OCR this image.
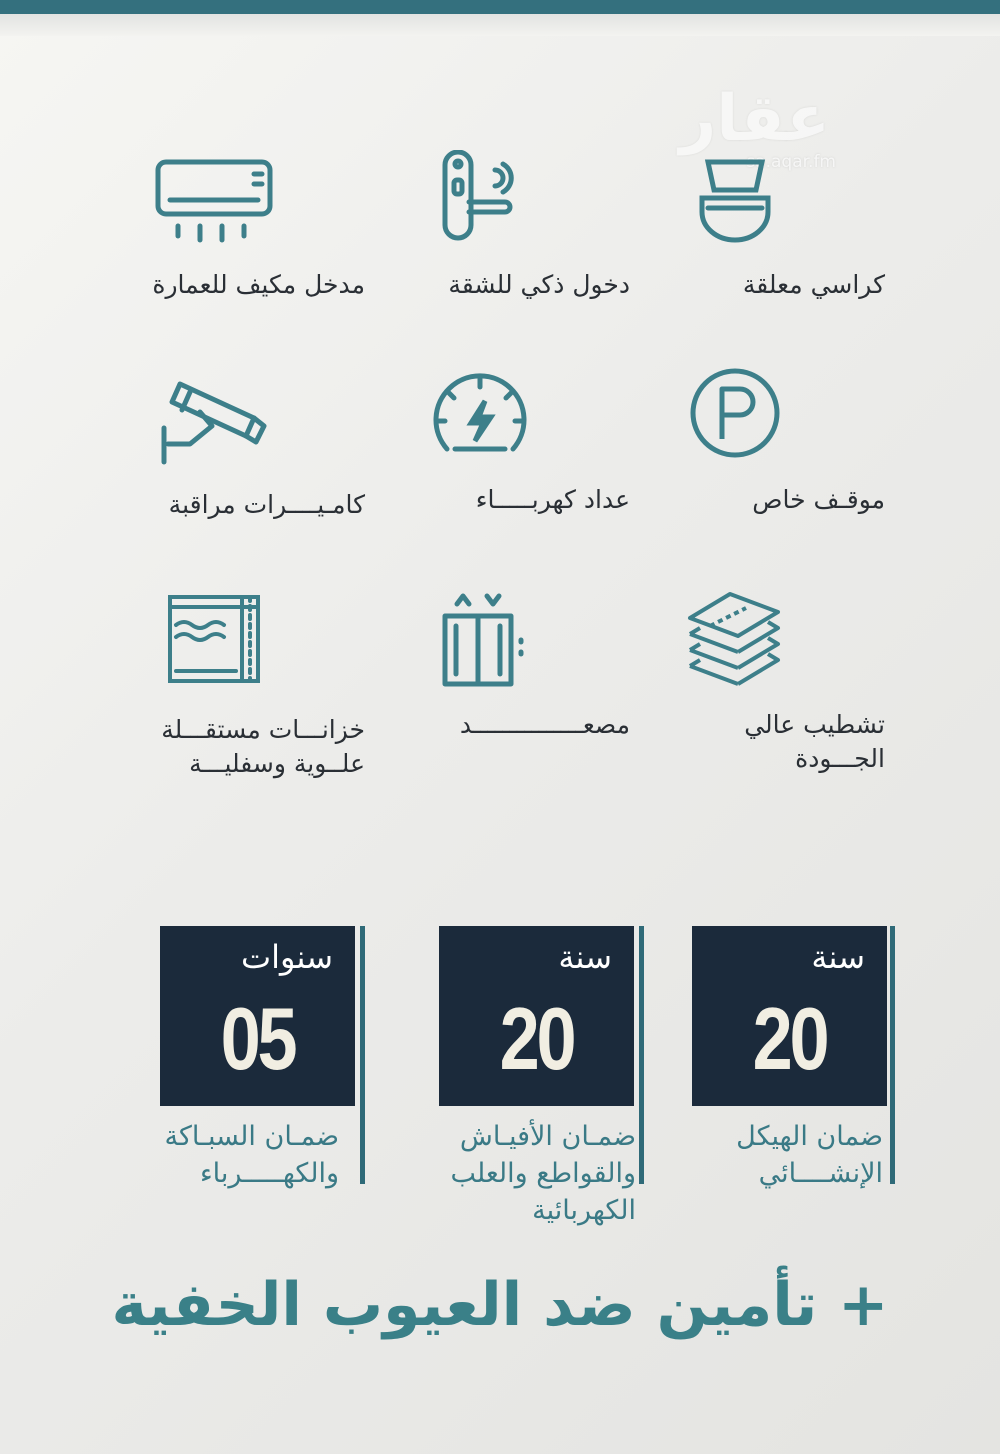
عقار
sa.aqar.fm
مدخل مكيف للعمارة	دخول ذكي للشقة	كراسي معلقة
كامـيــــرات مراقبة	عداد كهربـــــاء	موقـف خاص
خزانـــات مستقـــلة
علــوية وسفليـــة
مصعـــــــــــــــد	تشطيب عالي
الجـــودة
سنوات
05
ضمـان السبـاكة
والكهـــــرباء
سنة
20
ضمـان الأفيـاش
والقواطع والعلب
الكهربائية
سنة
20
ضمان الهيكل
الإنشــــائي
+ تأمين ضد العيوب الخفية
